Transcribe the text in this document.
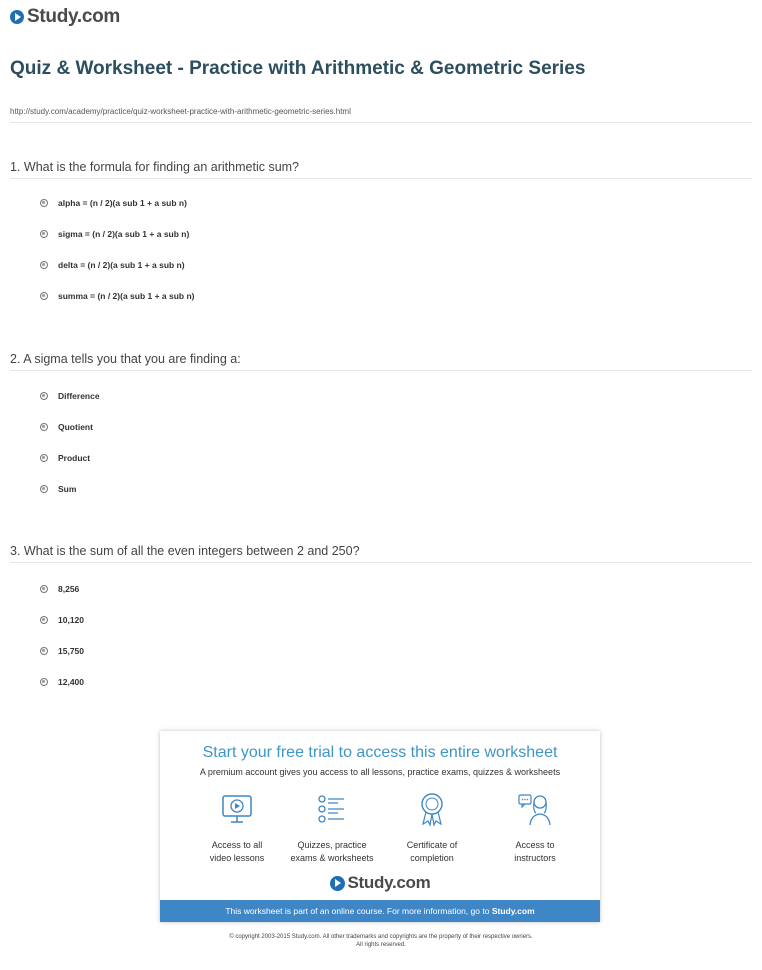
Study.com
Quiz & Worksheet - Practice with Arithmetic & Geometric Series
http://study.com/academy/practice/quiz-worksheet-practice-with-arithmetic-geometric-series.html
1. What is the formula for finding an arithmetic sum?
alpha = (n / 2)(a sub 1 + a sub n)
sigma = (n / 2)(a sub 1 + a sub n)
delta = (n / 2)(a sub 1 + a sub n)
summa = (n / 2)(a sub 1 + a sub n)
2. A sigma tells you that you are finding a:
Difference
Quotient
Product
Sum
3. What is the sum of all the even integers between 2 and 250?
8,256
10,120
15,750
12,400
Start your free trial to access this entire worksheet
A premium account gives you access to all lessons, practice exams, quizzes & worksheets
Access to all
video lessons
Quizzes, practice
exams & worksheets
Certificate of
completion
Access to
instructors
Study.com
This worksheet is part of an online course. For more information, go to Study.com
© copyright 2003-2015 Study.com. All other trademarks and copyrights are the property of their respective owners.
All rights reserved.
